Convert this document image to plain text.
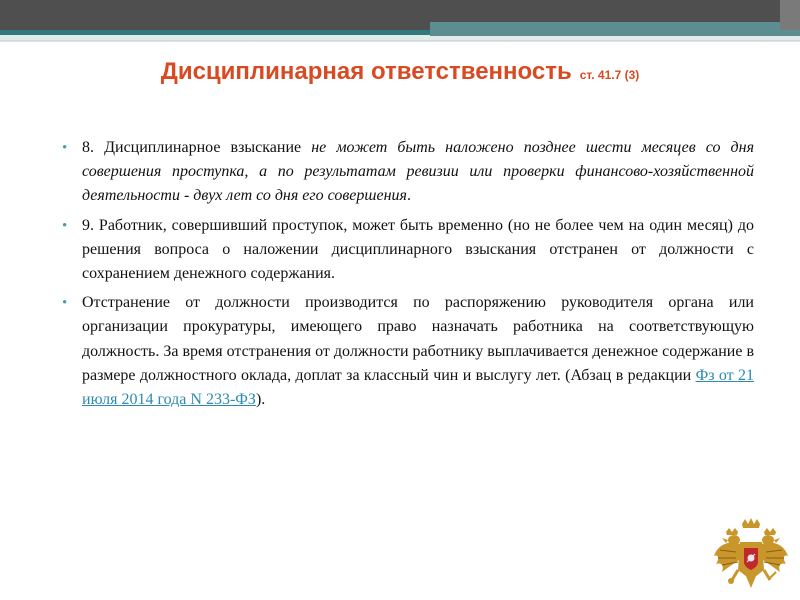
Дисциплинарная ответственность ст. 41.7 (3)

• 8. Дисциплинарное взыскание не может быть наложено позднее шести месяцев со дня совершения проступка, а по результатам ревизии или проверки финансово-хозяйственной деятельности - двух лет со дня его совершения.

• 9. Работник, совершивший проступок, может быть временно (но не более чем на один месяц) до решения вопроса о наложении дисциплинарного взыскания отстранен от должности с сохранением денежного содержания.

• Отстранение от должности производится по распоряжению руководителя органа или организации прокуратуры, имеющего право назначать работника на соответствующую должность. За время отстранения от должности работнику выплачивается денежное содержание в размере должностного оклада, доплат за классный чин и выслугу лет. (Абзац в редакции Фз от 21 июля 2014 года N 233-ФЗ).
